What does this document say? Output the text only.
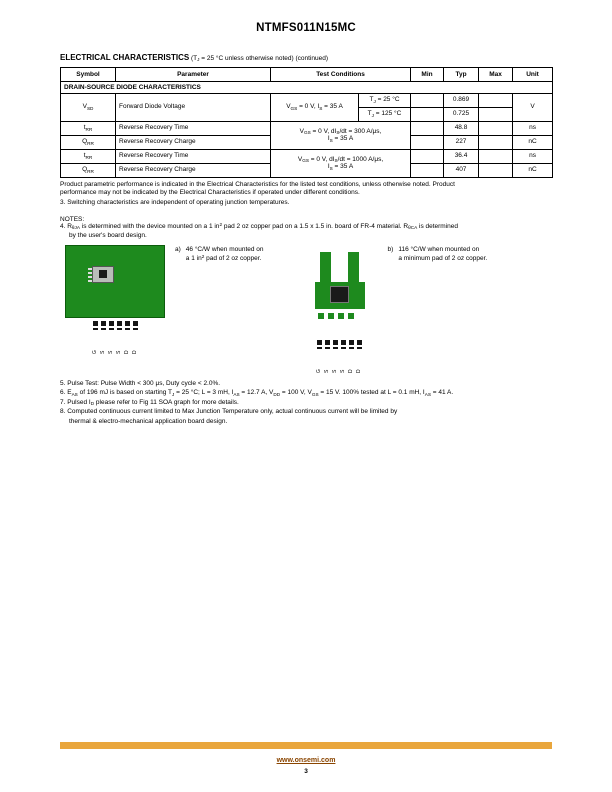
NTMFS011N15MC
ELECTRICAL CHARACTERISTICS ($T_J = 25$ °C unless otherwise noted) (continued)
Symbol	Parameter	Test Conditions		Min	Typ	Max	Unit
DRAIN-SOURCE DIODE CHARACTERISTICS							
$V_{SD}$	Forward Diode Voltage	$V_{GS} = 0$ V, $I_S = 35$ A	$T_J = 25$ °C		0.869		V
			$T_J = 125$ °C		0.725		
$t_{RR}$	Reverse Recovery Time	$V_{GS} = 0$ V, $dI_S/dt = 300$ A/μs,
$I_S = 35$ A			48.8		ns
$Q_{RR}$	Reverse Recovery Charge				227		nC
$t_{RR}$	Reverse Recovery Time	$V_{GS} = 0$ V, $dI_S/dt = 1000$ A/μs,
$I_S = 35$ A			36.4		ns
$Q_{RR}$	Reverse Recovery Charge				407		nC
Product parametric performance is indicated in the Electrical Characteristics for the listed test conditions, unless otherwise noted. Product
performance may not be indicated by the Electrical Characteristics if operated under different conditions.
3. Switching characteristics are independent of operating junction temperatures.
NOTES:
4. $R_{\theta JA}$ is determined with the device mounted on a 1 $in^2$ pad 2 oz copper pad on a 1.5 x 1.5 in. board of FR-4 material. $R_{\theta CA}$ is determined
by the user's board design.
G S S S D D
a) 46 °C/W when mounted on
a 1 $in^2$ pad of 2 oz copper.
G S S S D D
b) 116 °C/W when mounted on
a minimum pad of 2 oz copper.
5. Pulse Test: Pulse Width < 300 μs, Duty cycle < 2.0%.
6. $E_{AS}$ of 196 mJ is based on starting $T_J = 25$ °C; L = 3 mH, $I_{AS} = 12.7$ A, $V_{DD} = 100$ V, $V_{GS} = 15$ V. 100% tested at L = 0.1 mH, $I_{AS} = 41$ A.
7. Pulsed $I_D$ please refer to Fig 11 SOA graph for more details.
8. Computed continuous current limited to Max Junction Temperature only, actual continuous current will be limited by
thermal & electro-mechanical application board design.
www.onsemi.com
3
